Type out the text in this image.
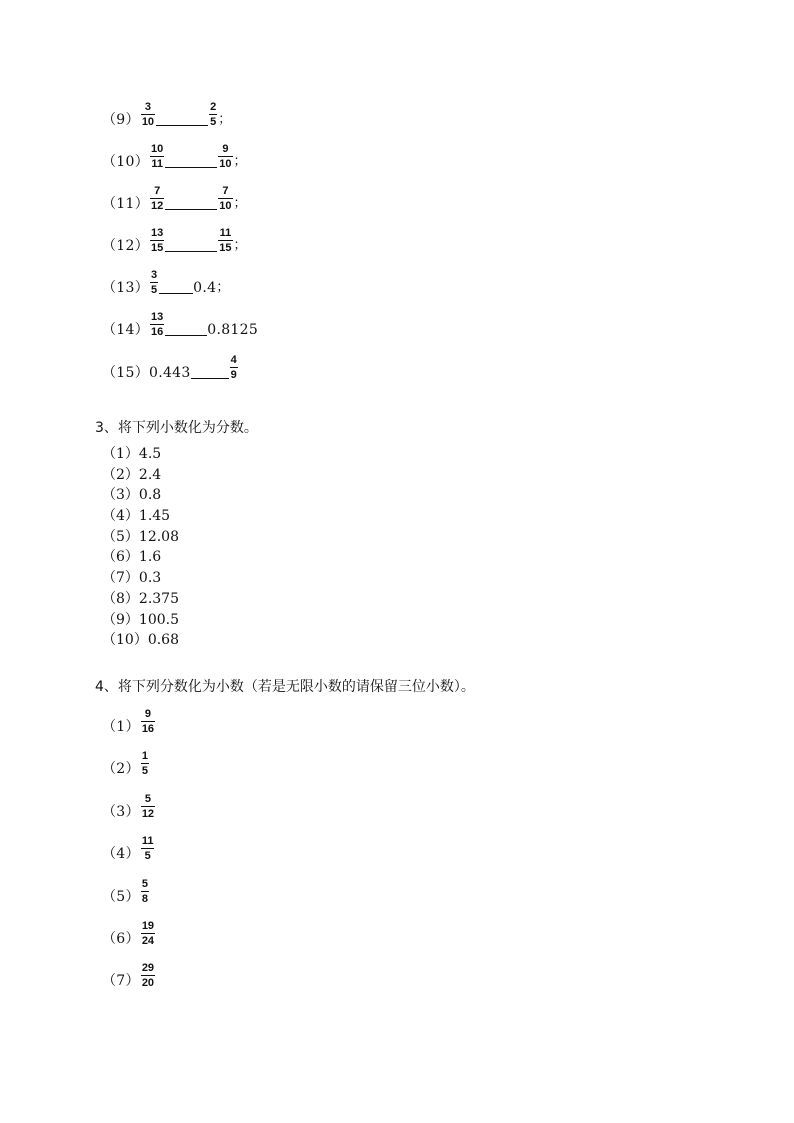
$(9) \frac{3}{10}$	$\frac{2}{5}$ ；
$(10) \frac{10}{11}$	$\frac{9}{10}$ ；
$(11) \frac{7}{12}$	$\frac{7}{10}$ ；
$(12) \frac{13}{15}$	$\frac{11}{15}$ ；
$(13) \frac{3}{5}$	0.4 ；
$(14) \frac{13}{16}$	0.8125
（15） 0.443	$\frac{4}{9}$
3、将下列小数化为分数。
（1）4.5
（2）2.4
（3）0.8
（4）1.45
（5）12.08
（6）1.6
（7）0.3
（8）2.375
（9）100.5
（10）0.68
4、将下列分数化为小数（若是无限小数的请保留三位小数）。
$(1) \frac{9}{16}$
$(2) \frac{1}{5}$
$(3) \frac{5}{12}$
$(4) \frac{11}{5}$
$(5) \frac{5}{8}$
$(6) \frac{19}{24}$
$(7) \frac{29}{20}$
